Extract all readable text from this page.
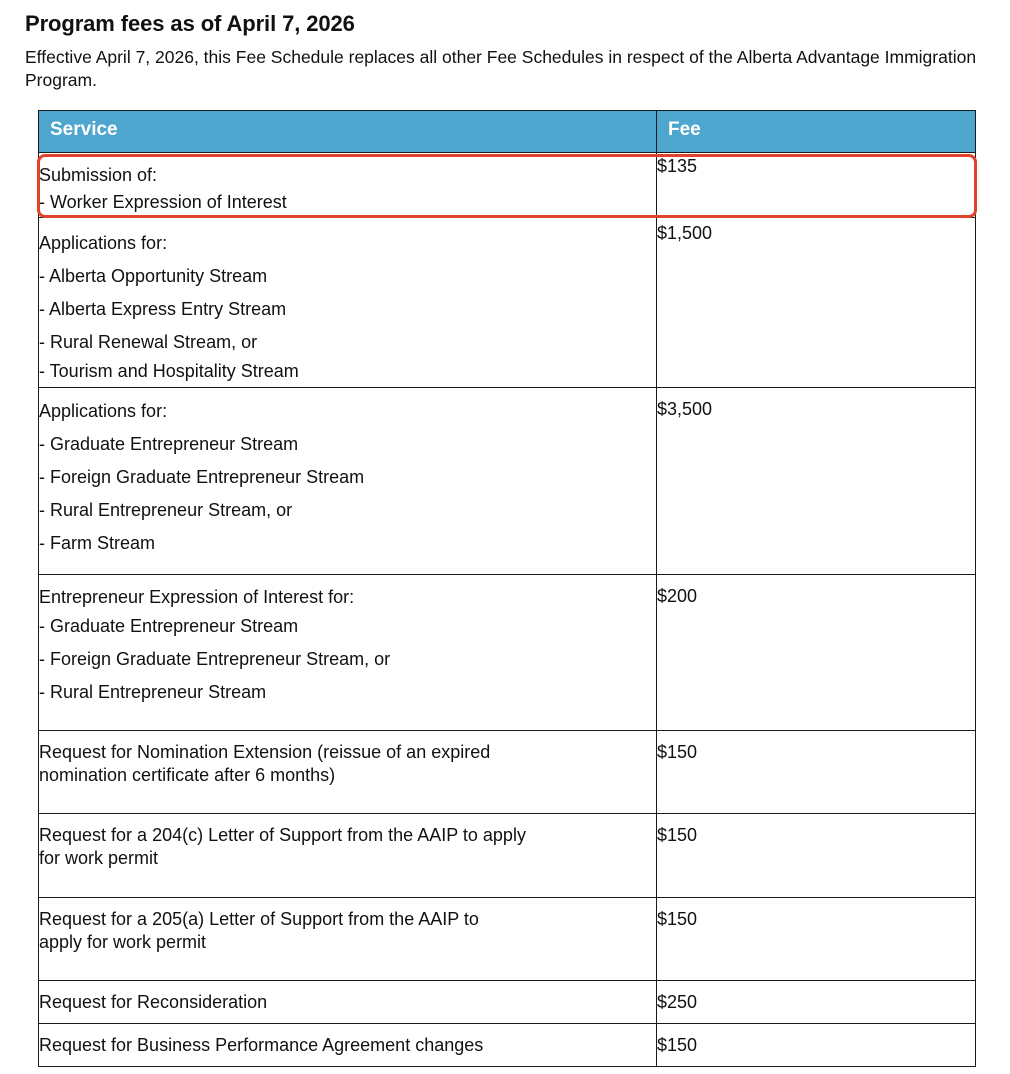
Program fees as of April 7, 2026

Effective April 7, 2026, this Fee Schedule replaces all other Fee Schedules in respect of the Alberta Advantage Immigration Program.

Service	Fee

Submission of:
- Worker Expression of Interest	$135

Applications for:
- Alberta Opportunity Stream
- Alberta Express Entry Stream
- Rural Renewal Stream, or
- Tourism and Hospitality Stream	$1,500

Applications for:
- Graduate Entrepreneur Stream
- Foreign Graduate Entrepreneur Stream
- Rural Entrepreneur Stream, or
- Farm Stream	$3,500

Entrepreneur Expression of Interest for:
- Graduate Entrepreneur Stream
- Foreign Graduate Entrepreneur Stream, or
- Rural Entrepreneur Stream	$200

Request for Nomination Extension (reissue of an expired
nomination certificate after 6 months)	$150

Request for a 204(c) Letter of Support from the AAIP to apply
for work permit	$150

Request for a 205(a) Letter of Support from the AAIP to
apply for work permit	$150

Request for Reconsideration	$250

Request for Business Performance Agreement changes	$150
